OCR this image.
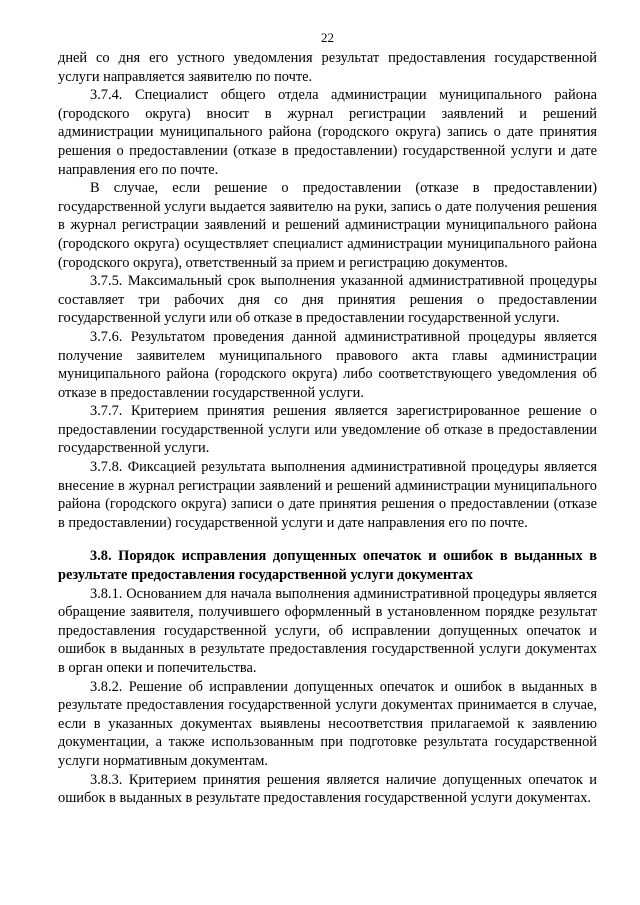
22

дней со дня его устного уведомления результат предоставления государственной услуги направляется заявителю по почте.

3.7.4. Специалист общего отдела администрации муниципального района (городского округа) вносит в журнал регистрации заявлений и решений администрации муниципального района (городского округа) запись о дате принятия решения о предоставлении (отказе в предоставлении) государственной услуги и дате направления его по почте.

В случае, если решение о предоставлении (отказе в предоставлении) государственной услуги выдается заявителю на руки, запись о дате получения решения в журнал регистрации заявлений и решений администрации муниципального района (городского округа) осуществляет специалист администрации муниципального района (городского округа), ответственный за прием и регистрацию документов.

3.7.5. Максимальный срок выполнения указанной административной процедуры составляет три рабочих дня со дня принятия решения о предоставлении государственной услуги или об отказе в предоставлении государственной услуги.

3.7.6. Результатом проведения данной административной процедуры является получение заявителем муниципального правового акта главы администрации муниципального района (городского округа) либо соответствующего уведомления об отказе в предоставлении государственной услуги.

3.7.7. Критерием принятия решения является зарегистрированное решение о предоставлении государственной услуги или уведомление об отказе в предоставлении государственной услуги.

3.7.8. Фиксацией результата выполнения административной процедуры является внесение в журнал регистрации заявлений и решений администрации муниципального района (городского округа) записи о дате принятия решения о предоставлении (отказе в предоставлении) государственной услуги и дате направления его по почте.

3.8. Порядок исправления допущенных опечаток и ошибок в выданных в результате предоставления государственной услуги документах

3.8.1. Основанием для начала выполнения административной процедуры является обращение заявителя, получившего оформленный в установленном порядке результат предоставления государственной услуги, об исправлении допущенных опечаток и ошибок в выданных в результате предоставления государственной услуги документах в орган опеки и попечительства.

3.8.2. Решение об исправлении допущенных опечаток и ошибок в выданных в результате предоставления государственной услуги документах принимается в случае, если в указанных документах выявлены несоответствия прилагаемой к заявлению документации, а также использованным при подготовке результата государственной услуги нормативным документам.

3.8.3. Критерием принятия решения является наличие допущенных опечаток и ошибок в выданных в результате предоставления государственной услуги документах.
